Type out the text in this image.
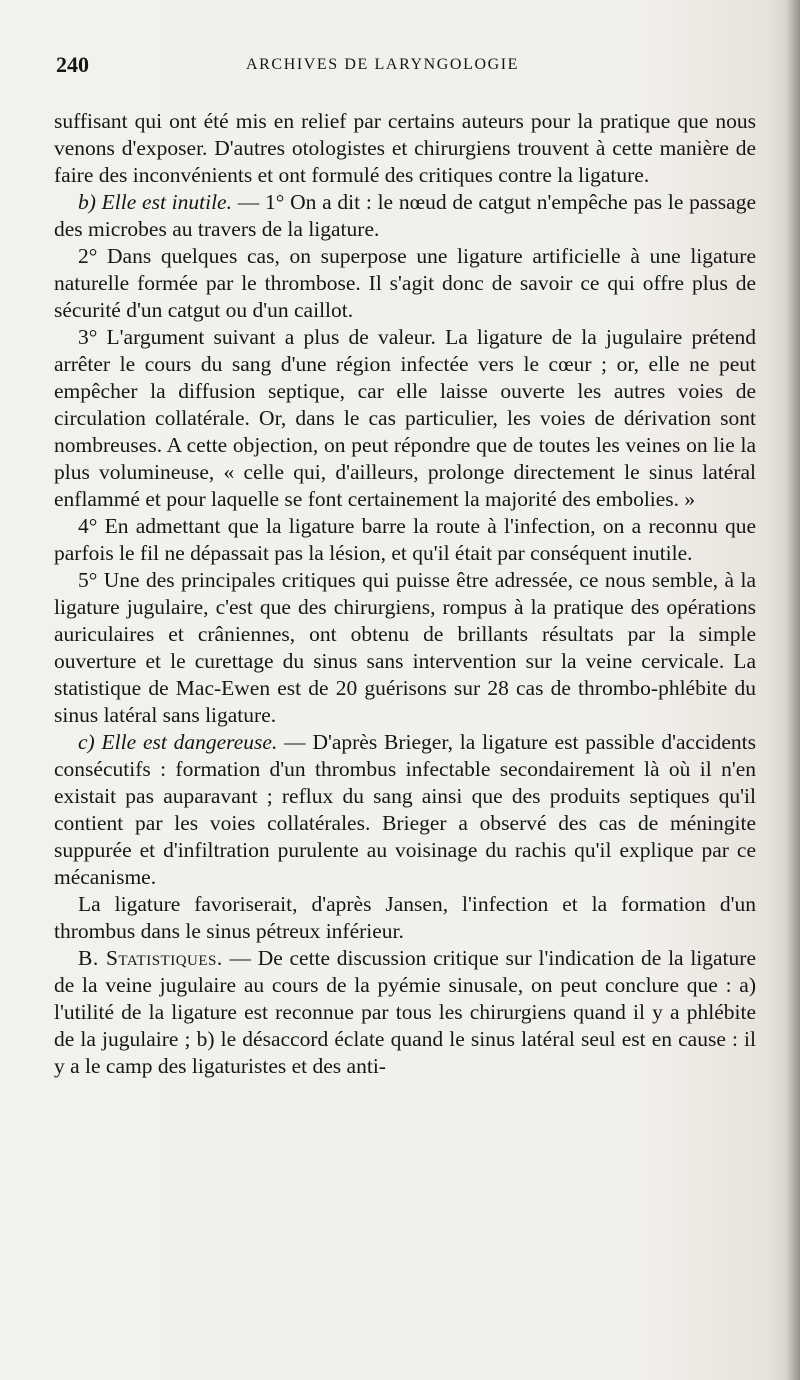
240	ARCHIVES DE LARYNGOLOGIE

suffisant qui ont été mis en relief par certains auteurs pour la pratique que nous venons d'exposer. D'autres otologistes et chirurgiens trouvent à cette manière de faire des inconvénients et ont formulé des critiques contre la ligature.

b) Elle est inutile. — 1° On a dit : le nœud de catgut n'empêche pas le passage des microbes au travers de la ligature.

2° Dans quelques cas, on superpose une ligature artificielle à une ligature naturelle formée par le thrombose. Il s'agit donc de savoir ce qui offre plus de sécurité d'un catgut ou d'un caillot.

3° L'argument suivant a plus de valeur. La ligature de la jugulaire prétend arrêter le cours du sang d'une région infectée vers le cœur ; or, elle ne peut empêcher la diffusion septique, car elle laisse ouverte les autres voies de circulation collatérale. Or, dans le cas particulier, les voies de dérivation sont nombreuses. A cette objection, on peut répondre que de toutes les veines on lie la plus volumineuse, « celle qui, d'ailleurs, prolonge directement le sinus latéral enflammé et pour laquelle se font certainement la majorité des embolies. »

4° En admettant que la ligature barre la route à l'infection, on a reconnu que parfois le fil ne dépassait pas la lésion, et qu'il était par conséquent inutile.

5° Une des principales critiques qui puisse être adressée, ce nous semble, à la ligature jugulaire, c'est que des chirurgiens, rompus à la pratique des opérations auriculaires et crâniennes, ont obtenu de brillants résultats par la simple ouverture et le curettage du sinus sans intervention sur la veine cervicale. La statistique de Mac-Ewen est de 20 guérisons sur 28 cas de thrombo-phlébite du sinus latéral sans ligature.

c) Elle est dangereuse. — D'après Brieger, la ligature est passible d'accidents consécutifs : formation d'un thrombus infectable secondairement là où il n'en existait pas auparavant ; reflux du sang ainsi que des produits septiques qu'il contient par les voies collatérales. Brieger a observé des cas de méningite suppurée et d'infiltration purulente au voisinage du rachis qu'il explique par ce mécanisme.

La ligature favoriserait, d'après Jansen, l'infection et la formation d'un thrombus dans le sinus pétreux inférieur.

B. Statistiques. — De cette discussion critique sur l'indication de la ligature de la veine jugulaire au cours de la pyémie sinusale, on peut conclure que : a) l'utilité de la ligature est reconnue par tous les chirurgiens quand il y a phlébite de la jugulaire ; b) le désaccord éclate quand le sinus latéral seul est en cause : il y a le camp des ligaturistes et des anti-
